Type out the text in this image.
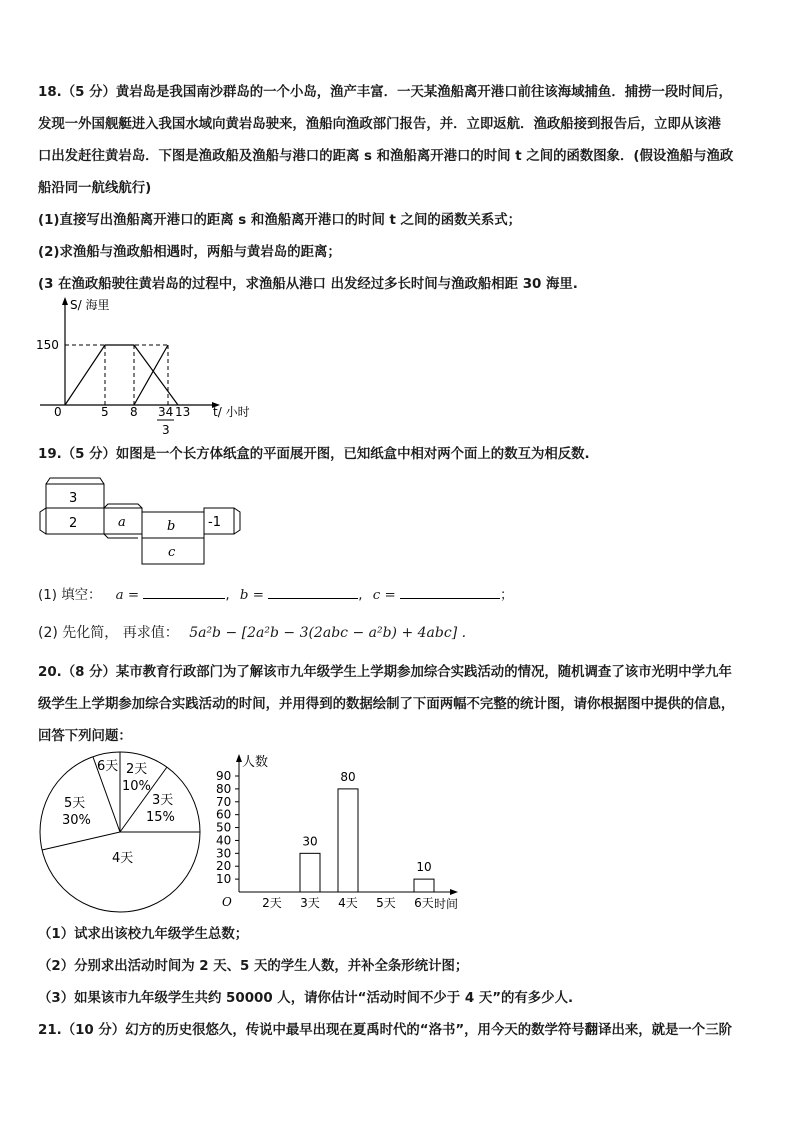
18.（5 分）黄岩岛是我国南沙群岛的一个小岛，渔产丰富．一天某渔船离开港口前往该海域捕鱼．捕捞一段时间后，
发现一外国舰艇进入我国水域向黄岩岛驶来，渔船向渔政部门报告，并．立即返航．渔政船接到报告后，立即从该港
口出发赶往黄岩岛．下图是渔政船及渔船与港口的距离 s 和渔船离开港口的时间 t 之间的函数图象．(假设渔船与渔政
船沿同一航线航行)
(1)直接写出渔船离开港口的距离 s 和渔船离开港口的时间 t 之间的函数关系式；
(2)求渔船与渔政船相遇时，两船与黄岩岛的距离；
(3 在渔政船驶往黄岩岛的过程中，求渔船从港口 出发经过多长时间与渔政船相距 30 海里.
S/ 海里
150
0	5 8	13
34
3
t/ 小时
19.（5 分）如图是一个长方体纸盒的平面展开图，已知纸盒中相对两个面上的数互为相反数.
3
2	a	b	-1
c
(1) 填空： a =	, b =	, c =	；
(2) 先化简， 再求值： 5a²b − [2a²b − 3(2abc − a²b) + 4abc] .
20.（8 分）某市教育行政部门为了解该市九年级学生上学期参加综合实践活动的情况，随机调查了该市光明中学九年
级学生上学期参加综合实践活动的时间，并用得到的数据绘制了下面两幅不完整的统计图，请你根据图中提供的信息，
回答下列问题：
6天 2天
10%
3天
15%
5天
30%
4天
人数
时间
O
10
20
30
40
50
60
70
80
90
30
80
10
2天 3天 4天 5天 6天
（1）试求出该校九年级学生总数；
（2）分别求出活动时间为 2 天、5 天的学生人数，并补全条形统计图；
（3）如果该市九年级学生共约 50000 人，请你估计“活动时间不少于 4 天”的有多少人.
21.（10 分）幻方的历史很悠久，传说中最早出现在夏禹时代的“洛书”，用今天的数学符号翻译出来，就是一个三阶
